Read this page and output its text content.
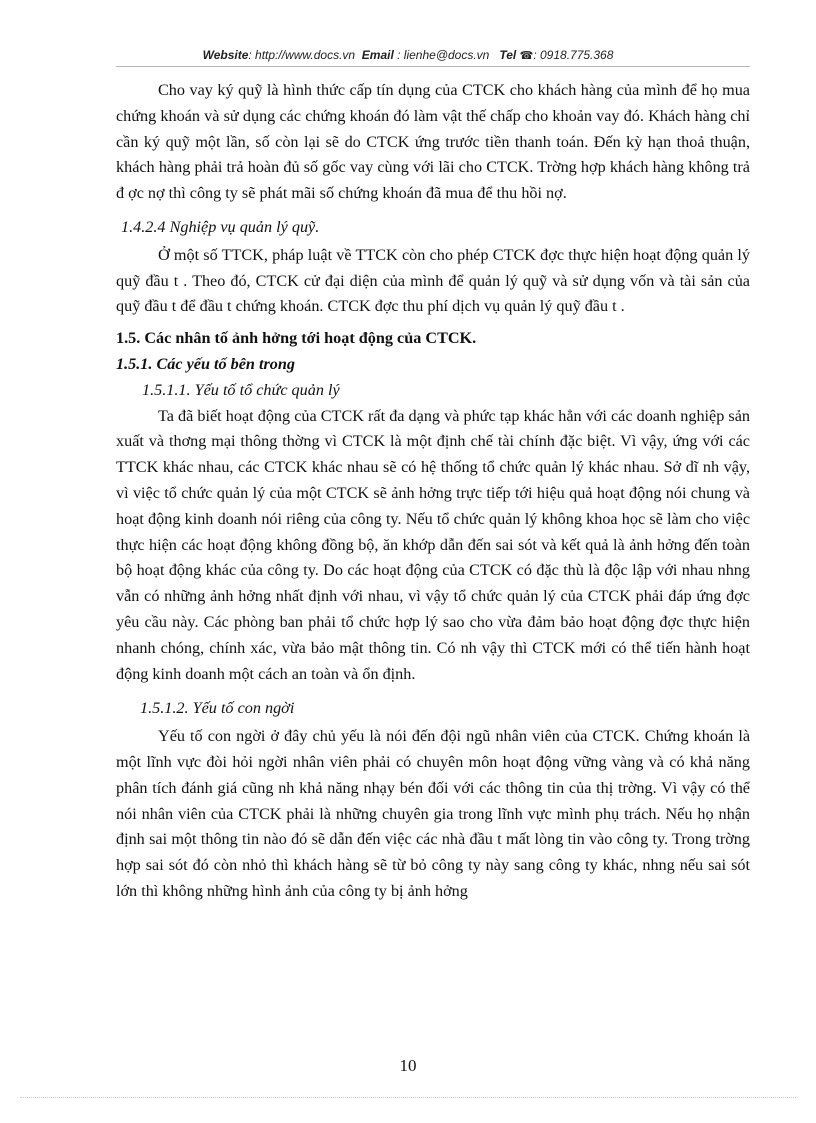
Website: http://www.docs.vn Email : lienhe@docs.vn Tel ☎: 0918.775.368

Cho vay ký quỹ là hình thức cấp tín dụng của CTCK cho khách hàng của mình để họ mua chứng khoán và sử dụng các chứng khoán đó làm vật thế chấp cho khoản vay đó. Khách hàng chỉ cần ký quỹ một lần, số còn lại sẽ do CTCK ứng trước tiền thanh toán. Đến kỳ hạn thoả thuận, khách hàng phải trả hoàn đủ số gốc vay cùng với lãi cho CTCK. Trờng hợp khách hàng không trả đ ợc nợ thì công ty sẽ phát mãi số chứng khoán đã mua để thu hồi nợ.

1.4.2.4 Nghiệp vụ quản lý quỹ.

Ở một số TTCK, pháp luật về TTCK còn cho phép CTCK đợc thực hiện hoạt động quản lý quỹ đầu t . Theo đó, CTCK cử đại diện của mình để quản lý quỹ và sử dụng vốn và tài sản của quỹ đầu t để đầu t chứng khoán. CTCK đợc thu phí dịch vụ quản lý quỹ đầu t .

1.5. Các nhân tố ảnh hởng tới hoạt động của CTCK.
1.5.1. Các yếu tố bên trong
1.5.1.1. Yếu tố tổ chức quản lý

Ta đã biết hoạt động của CTCK rất đa dạng và phức tạp khác hẳn với các doanh nghiệp sản xuất và thơng mại thông thờng vì CTCK là một định chế tài chính đặc biệt. Vì vậy, ứng với các TTCK khác nhau, các CTCK khác nhau sẽ có hệ thống tổ chức quản lý khác nhau. Sở dĩ nh vậy, vì việc tổ chức quản lý của một CTCK sẽ ảnh hởng trực tiếp tới hiệu quả hoạt động nói chung và hoạt động kinh doanh nói riêng của công ty. Nếu tổ chức quản lý không khoa học sẽ làm cho việc thực hiện các hoạt động không đồng bộ, ăn khớp dẫn đến sai sót và kết quả là ảnh hởng đến toàn bộ hoạt động khác của công ty. Do các hoạt động của CTCK có đặc thù là độc lập với nhau nhng vẫn có những ảnh hởng nhất định với nhau, vì vậy tổ chức quản lý của CTCK phải đáp ứng đợc yêu cầu này. Các phòng ban phải tổ chức hợp lý sao cho vừa đảm bảo hoạt động đợc thực hiện nhanh chóng, chính xác, vừa bảo mật thông tin. Có nh vậy thì CTCK mới có thể tiến hành hoạt động kinh doanh một cách an toàn và ổn định.

1.5.1.2. Yếu tố con ngời

Yếu tố con ngời ở đây chủ yếu là nói đến đội ngũ nhân viên của CTCK. Chứng khoán là một lĩnh vực đòi hỏi ngời nhân viên phải có chuyên môn hoạt động vững vàng và có khả năng phân tích đánh giá cũng nh khả năng nhạy bén đối với các thông tin của thị trờng. Vì vậy có thể nói nhân viên của CTCK phải là những chuyên gia trong lĩnh vực mình phụ trách. Nếu họ nhận định sai một thông tin nào đó sẽ dẫn đến việc các nhà đầu t mất lòng tin vào công ty. Trong trờng hợp sai sót đó còn nhỏ thì khách hàng sẽ từ bỏ công ty này sang công ty khác, nhng nếu sai sót lớn thì không những hình ảnh của công ty bị ảnh hởng

10
